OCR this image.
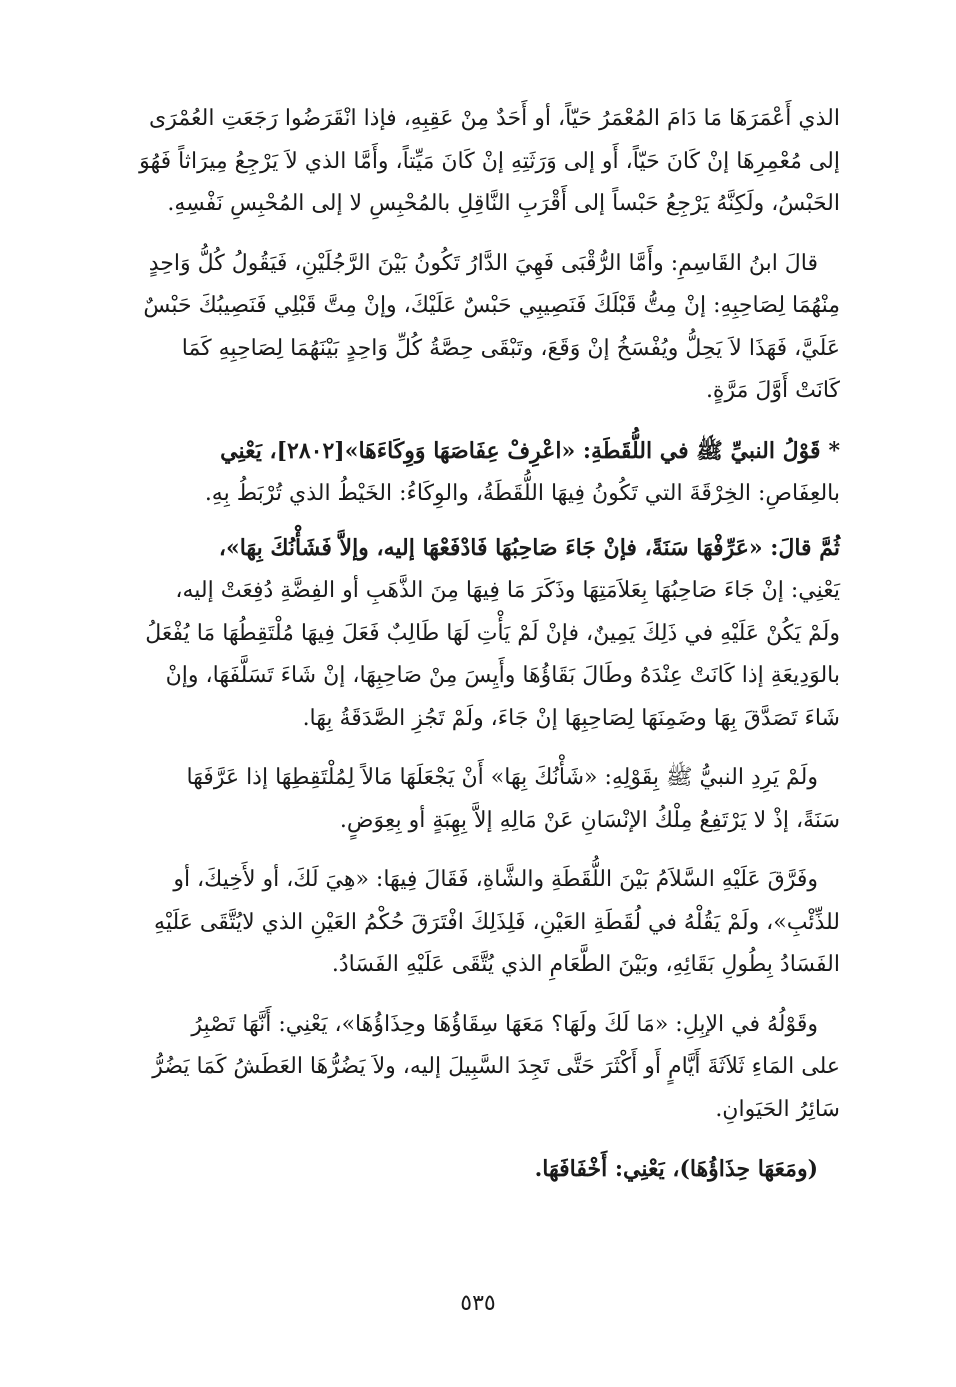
الذي أَعْمَرَهَا مَا دَامَ المُعْمَرُ حَيّاً، أو أَحَدٌ مِنْ عَقِبِهِ، فإذا انْقَرَضُوا رَجَعَتِ العُمْرَى
إلى مُعْمِرِهَا إنْ كَانَ حَيّاً، أَو إلى وَرَثَتِهِ إنْ كَانَ مَيِّتاً، وأَمَّا الذي لاَ يَرْجِعُ مِيرَاثاً فَهُوَ
الحَبْسُ، ولَكِنَّهُ يَرْجِعُ حَبْساً إلى أَقْرَبِ النَّاقِلِ بالمُحْبِسِ لا إلى المُحْبِسِ نَفْسِهِ.

قالَ ابنُ القَاسِمِ: وأَمَّا الرُّقْبَى فَهِيَ الدَّارُ تَكُونُ بَيْنَ الرَّجُلَيْنِ، فَيَقُولُ كُلُّ وَاحِدٍ
مِنْهُمَا لِصَاحِبِهِ: إنْ مِتُّ قَبْلَكَ فَنَصِيبِي حَبْسٌ عَلَيْكَ، وإنْ مِتَّ قَبْلِي فَنَصِيبُكَ حَبْسٌ
عَلَيَّ، فَهَذَا لاَ يَحِلُّ ويُفْسَخُ إنْ وَقَعَ، وتَبْقَى حِصَّةُ كُلِّ وَاحِدٍ بَيْنَهُمَا لِصَاحِبِهِ كَمَا
كَانَتْ أَوَّلَ مَرَّةٍ.

*قَوْلُ النبيِّ ﷺ في اللُّقَطَةِ: «اعْرِفْ عِفَاصَهَا وَوِكَاءَهَا»[٢٨٠٢]، يَعْنِي
بالعِفَاصِ: الخِرْقَةَ التي تَكُونُ فِيهَا اللُّقَطَةُ، والوِكَاءُ: الخَيْطُ الذي تُرْبَطُ بِهِ.

ثُمَّ قالَ: «عَرِّفْهَا سَنَةً، فإنْ جَاءَ صَاحِبُهَا فَادْفَعْهَا إليه، وإلاَّ فَشَأْنُكَ بِهَا»،
يَعْنِي: إنْ جَاءَ صَاحِبُهَا بِعَلاَمَتِهَا وذَكَرَ مَا فِيهَا مِنَ الذَّهَبِ أو الفِضَّةِ دُفِعَتْ إليه،
ولَمْ يَكُنْ عَلَيْهِ في ذَلِكَ يَمِينٌ، فإنْ لَمْ يَأْتِ لَهَا طَالِبٌ فَعَلَ فِيهَا مُلْتَقِطُهَا مَا يُفْعَلُ
بالوَدِيعَةِ إذا كَانَتْ عِنْدَهُ وطَالَ بَقَاؤُهَا وأَيِسَ مِنْ صَاحِبِهَا، إنْ شَاءَ تَسَلَّفَهَا، وإنْ
شَاءَ تَصَدَّقَ بِهَا وضَمِنَهَا لِصَاحِبِهَا إنْ جَاءَ، ولَمْ تَجُزِ الصَّدَقَةُ بِهَا.

ولَمْ يَرِدِ النبيُّ ﷺ بِقَوْلِهِ: «شَأْنُكَ بِهَا» أَنْ يَجْعَلَهَا مَالاً لِمُلْتَقِطِهَا إذا عَرَّفَهَا
سَنَةً، إذْ لا يَرْتَفِعُ مِلْكُ الإنْسَانِ عَنْ مَالِهِ إلاَّ بِهِبَةٍ أو بِعِوَضٍ.

وفَرَّقَ عَلَيْهِ السَّلاَمُ بَيْنَ اللُّقَطَةِ والشَّاةِ، فَقَالَ فِيهَا: «هِيَ لَكَ، أو لأَخِيكَ، أو
للذِّئْبِ»، ولَمْ يَقُلْهُ في لُقَطَةِ العَيْنِ، فَلِذَلِكَ افْتَرَقَ حُكْمُ العَيْنِ الذي لايُتَّقَى عَلَيْهِ
الفَسَادُ بِطُولِ بَقَائِهِ، وبَيْنَ الطَّعَامِ الذي يُتَّقَى عَلَيْهِ الفَسَادُ.

وقَوْلُهُ في الإبِلِ: «مَا لَكَ ولَهَا؟ مَعَهَا سِقَاؤُهَا وحِذَاؤُهَا»، يَعْنِي: أَنَّهَا تَصْبِرُ
على المَاءِ ثَلاَثَةَ أَيَّامٍ أَو أَكْثَرَ حَتَّى تَجِدَ السَّبِيلَ إليه، ولاَ يَضُرُّهَا العَطَشُ كَمَا يَضُرُّ
سَائِرُ الحَيَوانِ.

(ومَعَهَا حِذَاؤُهَا)، يَعْنِي: أَخْفَافَهَا.

٥٣٥
